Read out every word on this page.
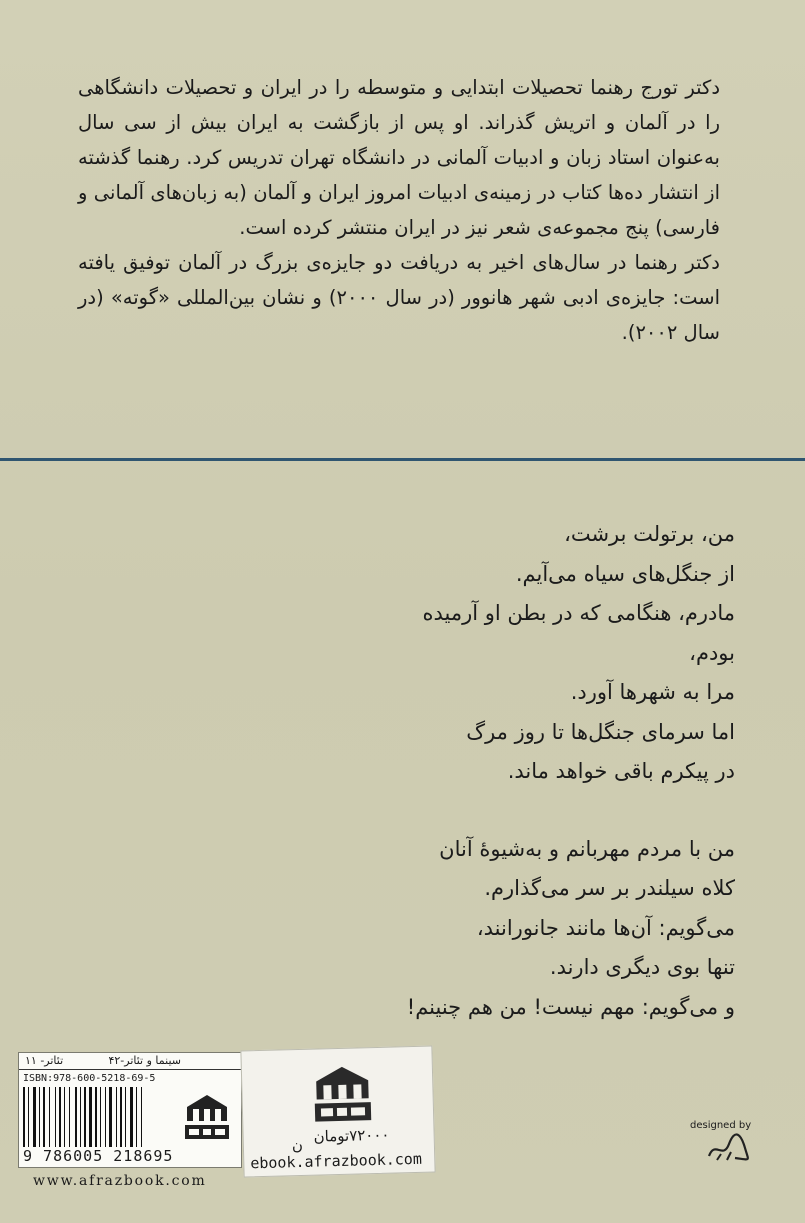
دکتر تورج رهنما تحصیلات ابتدایی و متوسطه را در ایران و تحصیلات دانشگاهی را در آلمان و اتریش گذراند. او پس از بازگشت به ایران بیش از سی سال به‌عنوان استاد زبان و ادبیات آلمانی در دانشگاه تهران تدریس کرد. رهنما گذشته از انتشار ده‌ها کتاب در زمینه‌ی ادبیات امروز ایران و آلمان (به زبان‌های آلمانی و فارسی) پنج مجموعه‌ی شعر نیز در ایران منتشر کرده است.

دکتر رهنما در سال‌های اخیر به دریافت دو جایزه‌ی بزرگ در آلمان توفیق یافته است: جایزه‌ی ادبی شهر هانوور (در سال ۲۰۰۰) و نشان بین‌المللی «گوته» (در سال ۲۰۰۲).

من، برتولت برشت،
از جنگل‌های سیاه می‌آیم.
مادرم، هنگامی که در بطن او آرمیده
بودم،
مرا به شهرها آورد.
اما سرمای جنگل‌ها تا روز مرگ
در پیکرم باقی خواهد ماند.
من با مردم مهربانم و به‌شیوهٔ آنان
کلاه سیلندر بر سر می‌گذارم.
می‌گویم: آن‌ها مانند جانورانند،
تنها بوی دیگری دارند.
و می‌گویم: مهم نیست! من هم چنینم!
سینما و تئاتر-۴۲
تئاتر- ۱۱
ISBN:978-600-5218-69-5
9 786005 218695
۷۲۰۰۰تومان
ن
ebook.afrazbook.com
www.afrazbook.com
designed by
